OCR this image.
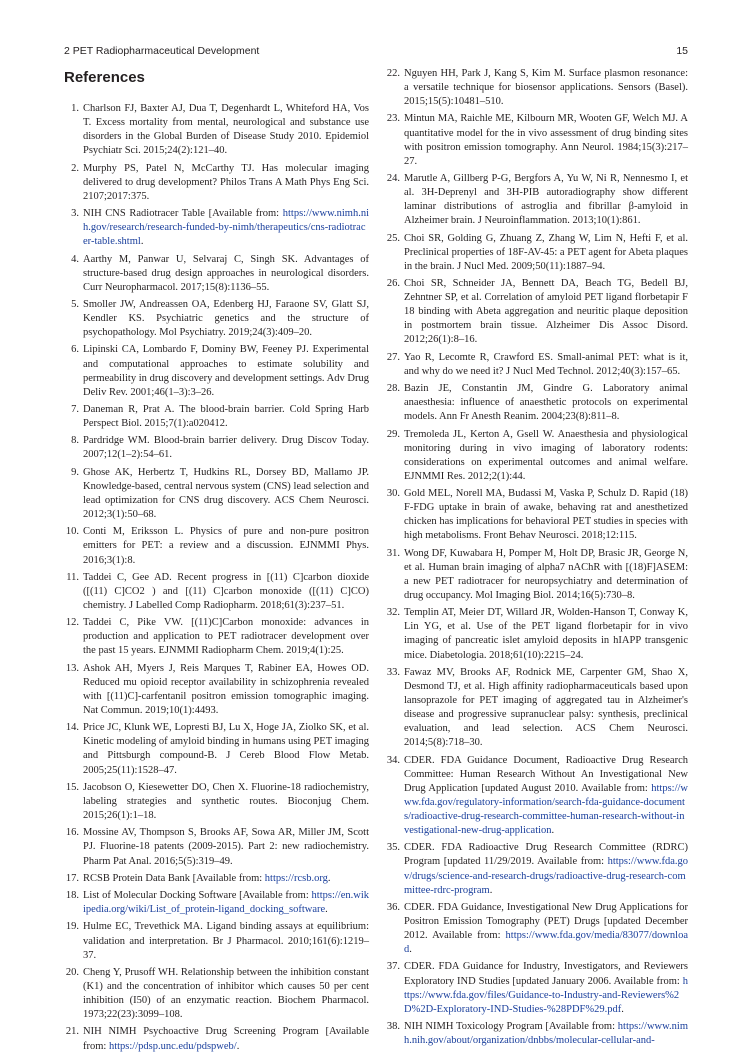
2 PET Radiopharmaceutical Development	15
References
1. Charlson FJ, Baxter AJ, Dua T, Degenhardt L, Whiteford HA, Vos T. Excess mortality from mental, neurological and substance use disorders in the Global Burden of Disease Study 2010. Epidemiol Psychiatr Sci. 2015;24(2):121–40.
2. Murphy PS, Patel N, McCarthy TJ. Has molecular imaging delivered to drug development? Philos Trans A Math Phys Eng Sci. 2107;2017:375.
3. NIH CNS Radiotracer Table [Available from: https://www.nimh.nih.gov/research/research-funded-by-nimh/therapeutics/cns-radiotracer-table.shtml.
4. Aarthy M, Panwar U, Selvaraj C, Singh SK. Advantages of structure-based drug design approaches in neurological disorders. Curr Neuropharmacol. 2017;15(8):1136–55.
5. Smoller JW, Andreassen OA, Edenberg HJ, Faraone SV, Glatt SJ, Kendler KS. Psychiatric genetics and the structure of psychopathology. Mol Psychiatry. 2019;24(3):409–20.
6. Lipinski CA, Lombardo F, Dominy BW, Feeney PJ. Experimental and computational approaches to estimate solubility and permeability in drug discovery and development settings. Adv Drug Deliv Rev. 2001;46(1–3):3–26.
7. Daneman R, Prat A. The blood-brain barrier. Cold Spring Harb Perspect Biol. 2015;7(1):a020412.
8. Pardridge WM. Blood-brain barrier delivery. Drug Discov Today. 2007;12(1–2):54–61.
9. Ghose AK, Herbertz T, Hudkins RL, Dorsey BD, Mallamo JP. Knowledge-based, central nervous system (CNS) lead selection and lead optimization for CNS drug discovery. ACS Chem Neurosci. 2012;3(1):50–68.
10. Conti M, Eriksson L. Physics of pure and non-pure positron emitters for PET: a review and a discussion. EJNMMI Phys. 2016;3(1):8.
11. Taddei C, Gee AD. Recent progress in [(11) C]carbon dioxide ([(11) C]CO2 ) and [(11) C]carbon monoxide ([(11) C]CO) chemistry. J Labelled Comp Radiopharm. 2018;61(3):237–51.
12. Taddei C, Pike VW. [(11)C]Carbon monoxide: advances in production and application to PET radiotracer development over the past 15 years. EJNMMI Radiopharm Chem. 2019;4(1):25.
13. Ashok AH, Myers J, Reis Marques T, Rabiner EA, Howes OD. Reduced mu opioid receptor availability in schizophrenia revealed with [(11)C]-carfentanil positron emission tomographic imaging. Nat Commun. 2019;10(1):4493.
14. Price JC, Klunk WE, Lopresti BJ, Lu X, Hoge JA, Ziolko SK, et al. Kinetic modeling of amyloid binding in humans using PET imaging and Pittsburgh compound-B. J Cereb Blood Flow Metab. 2005;25(11):1528–47.
15. Jacobson O, Kiesewetter DO, Chen X. Fluorine-18 radiochemistry, labeling strategies and synthetic routes. Bioconjug Chem. 2015;26(1):1–18.
16. Mossine AV, Thompson S, Brooks AF, Sowa AR, Miller JM, Scott PJ. Fluorine-18 patents (2009-2015). Part 2: new radiochemistry. Pharm Pat Anal. 2016;5(5):319–49.
17. RCSB Protein Data Bank [Available from: https://rcsb.org.
18. List of Molecular Docking Software [Available from: https://en.wikipedia.org/wiki/List_of_protein-ligand_docking_software.
19. Hulme EC, Trevethick MA. Ligand binding assays at equilibrium: validation and interpretation. Br J Pharmacol. 2010;161(6):1219–37.
20. Cheng Y, Prusoff WH. Relationship between the inhibition constant (K1) and the concentration of inhibitor which causes 50 per cent inhibition (I50) of an enzymatic reaction. Biochem Pharmacol. 1973;22(23):3099–108.
21. NIH NIMH Psychoactive Drug Screening Program [Available from: https://pdsp.unc.edu/pdspweb/.
22. Nguyen HH, Park J, Kang S, Kim M. Surface plasmon resonance: a versatile technique for biosensor applications. Sensors (Basel). 2015;15(5):10481–510.
23. Mintun MA, Raichle ME, Kilbourn MR, Wooten GF, Welch MJ. A quantitative model for the in vivo assessment of drug binding sites with positron emission tomography. Ann Neurol. 1984;15(3):217–27.
24. Marutle A, Gillberg P-G, Bergfors A, Yu W, Ni R, Nennesmo I, et al. 3H-Deprenyl and 3H-PIB autoradiography show different laminar distributions of astroglia and fibrillar β-amyloid in Alzheimer brain. J Neuroinflammation. 2013;10(1):861.
25. Choi SR, Golding G, Zhuang Z, Zhang W, Lim N, Hefti F, et al. Preclinical properties of 18F-AV-45: a PET agent for Abeta plaques in the brain. J Nucl Med. 2009;50(11):1887–94.
26. Choi SR, Schneider JA, Bennett DA, Beach TG, Bedell BJ, Zehntner SP, et al. Correlation of amyloid PET ligand florbetapir F 18 binding with Abeta aggregation and neuritic plaque deposition in postmortem brain tissue. Alzheimer Dis Assoc Disord. 2012;26(1):8–16.
27. Yao R, Lecomte R, Crawford ES. Small-animal PET: what is it, and why do we need it? J Nucl Med Technol. 2012;40(3):157–65.
28. Bazin JE, Constantin JM, Gindre G. Laboratory animal anaesthesia: influence of anaesthetic protocols on experimental models. Ann Fr Anesth Reanim. 2004;23(8):811–8.
29. Tremoleda JL, Kerton A, Gsell W. Anaesthesia and physiological monitoring during in vivo imaging of laboratory rodents: considerations on experimental outcomes and animal welfare. EJNMMI Res. 2012;2(1):44.
30. Gold MEL, Norell MA, Budassi M, Vaska P, Schulz D. Rapid (18) F-FDG uptake in brain of awake, behaving rat and anesthetized chicken has implications for behavioral PET studies in species with high metabolisms. Front Behav Neurosci. 2018;12:115.
31. Wong DF, Kuwabara H, Pomper M, Holt DP, Brasic JR, George N, et al. Human brain imaging of alpha7 nAChR with [(18)F]ASEM: a new PET radiotracer for neuropsychiatry and determination of drug occupancy. Mol Imaging Biol. 2014;16(5):730–8.
32. Templin AT, Meier DT, Willard JR, Wolden-Hanson T, Conway K, Lin YG, et al. Use of the PET ligand florbetapir for in vivo imaging of pancreatic islet amyloid deposits in hIAPP transgenic mice. Diabetologia. 2018;61(10):2215–24.
33. Fawaz MV, Brooks AF, Rodnick ME, Carpenter GM, Shao X, Desmond TJ, et al. High affinity radiopharmaceuticals based upon lansoprazole for PET imaging of aggregated tau in Alzheimer's disease and progressive supranuclear palsy: synthesis, preclinical evaluation, and lead selection. ACS Chem Neurosci. 2014;5(8):718–30.
34. CDER. FDA Guidance Document, Radioactive Drug Research Committee: Human Research Without An Investigational New Drug Application [updated August 2010. Available from: https://www.fda.gov/regulatory-information/search-fda-guidance-documents/radioactive-drug-research-committee-human-research-without-investigational-new-drug-application.
35. CDER. FDA Radioactive Drug Research Committee (RDRC) Program [updated 11/29/2019. Available from: https://www.fda.gov/drugs/science-and-research-drugs/radioactive-drug-research-committee-rdrc-program.
36. CDER. FDA Guidance, Investigational New Drug Applications for Positron Emission Tomography (PET) Drugs [updated December 2012. Available from: https://www.fda.gov/media/83077/download.
37. CDER. FDA Guidance for Industry, Investigators, and Reviewers Exploratory IND Studies [updated January 2006. Available from: https://www.fda.gov/files/Guidance-to-Industry-and-Reviewers%2D%2D-Exploratory-IND-Studies-%28PDF%29.pdf.
38. NIH NIMH Toxicology Program [Available from: https://www.nimh.nih.gov/about/organization/dnbbs/molecular-cellular-and-
